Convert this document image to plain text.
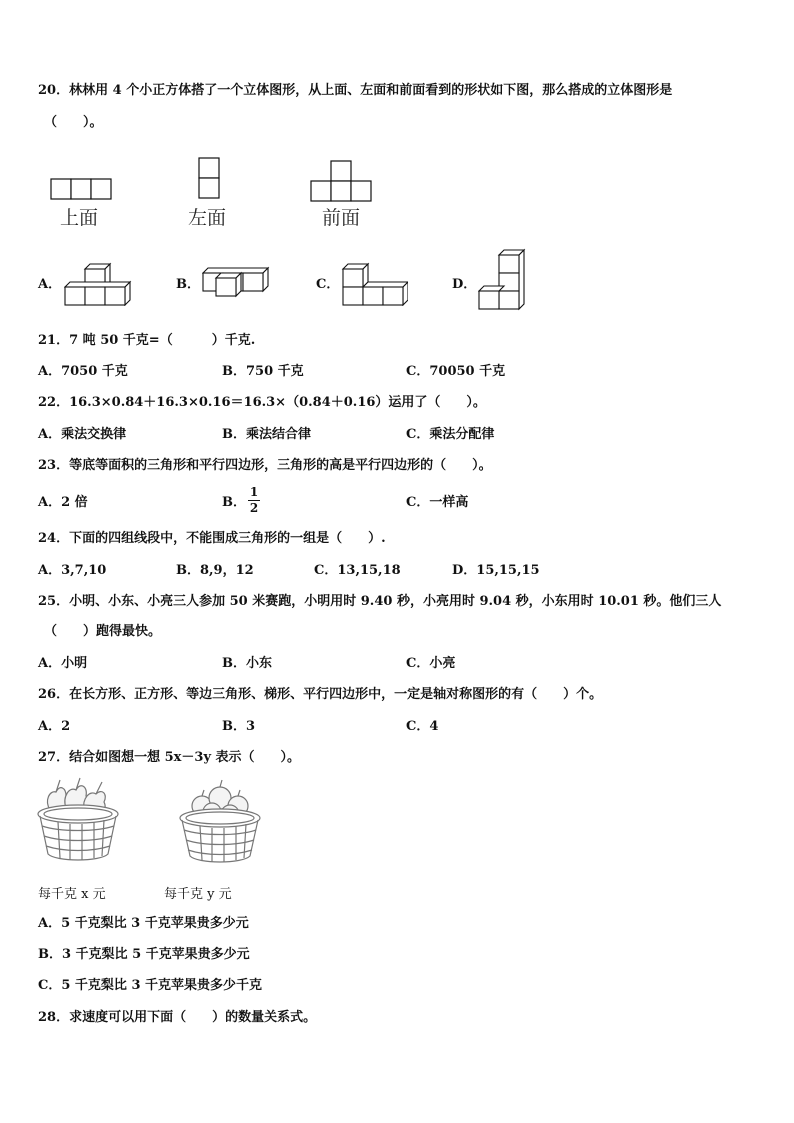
20．林林用 4 个小正方体搭了一个立体图形，从上面、左面和前面看到的形状如下图，那么搭成的立体图形是
（　　）。
上面	左面	前面
A．	B．	C．	D．
21．7 吨 50 千克=（　　　）千克.
A．7050 千克	B．750 千克	C．70050 千克
22．16.3×0.84＋16.3×0.16＝16.3×（0.84＋0.16）运用了（　　）。
A．乘法交换律	B．乘法结合律	C．乘法分配律
23．等底等面积的三角形和平行四边形，三角形的高是平行四边形的（　　）。
A．2 倍	B．
1
2	C．一样高
24．下面的四组线段中，不能围成三角形的一组是（　　）.
A．3,7,10	B．8,9，12	C．13,15,18	D．15,15,15
25．小明、小东、小亮三人参加 50 米赛跑，小明用时 9.40 秒，小亮用时 9.04 秒，小东用时 10.01 秒。他们三人
（　　）跑得最快。
A．小明	B．小东	C．小亮
26．在长方形、正方形、等边三角形、梯形、平行四边形中，一定是轴对称图形的有（　　）个。
A．2	B．3	C．4
27．结合如图想一想 5x－3y 表示（　　）。
每千克 x 元	每千克 y 元
A．5 千克梨比 3 千克苹果贵多少元
B．3 千克梨比 5 千克苹果贵多少元
C．5 千克梨比 3 千克苹果贵多少千克
28．求速度可以用下面（　　）的数量关系式。
